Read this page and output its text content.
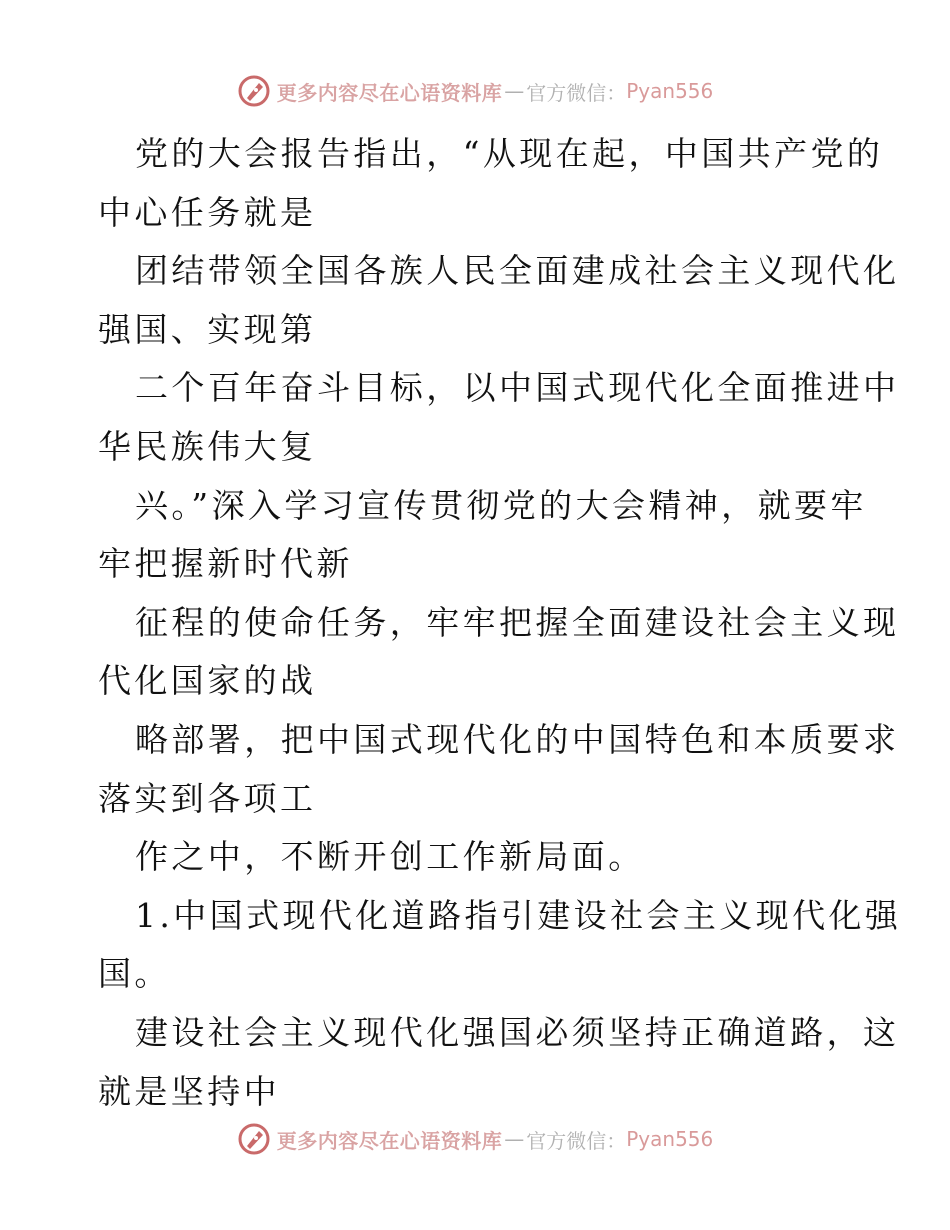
更多内容尽在心语资料库 — 官方微信： Pyan556
党的大会报告指出，“从现在起，中国共产党的
中心任务就是
团结带领全国各族人民全面建成社会主义现代化
强国、实现第
二个百年奋斗目标，以中国式现代化全面推进中
华民族伟大复
兴。”深入学习宣传贯彻党的大会精神，就要牢
牢把握新时代新
征程的使命任务，牢牢把握全面建设社会主义现
代化国家的战
略部署，把中国式现代化的中国特色和本质要求
落实到各项工
作之中，不断开创工作新局面。
1.中国式现代化道路指引建设社会主义现代化强
国。
建设社会主义现代化强国必须坚持正确道路，这
就是坚持中
更多内容尽在心语资料库 — 官方微信： Pyan556
